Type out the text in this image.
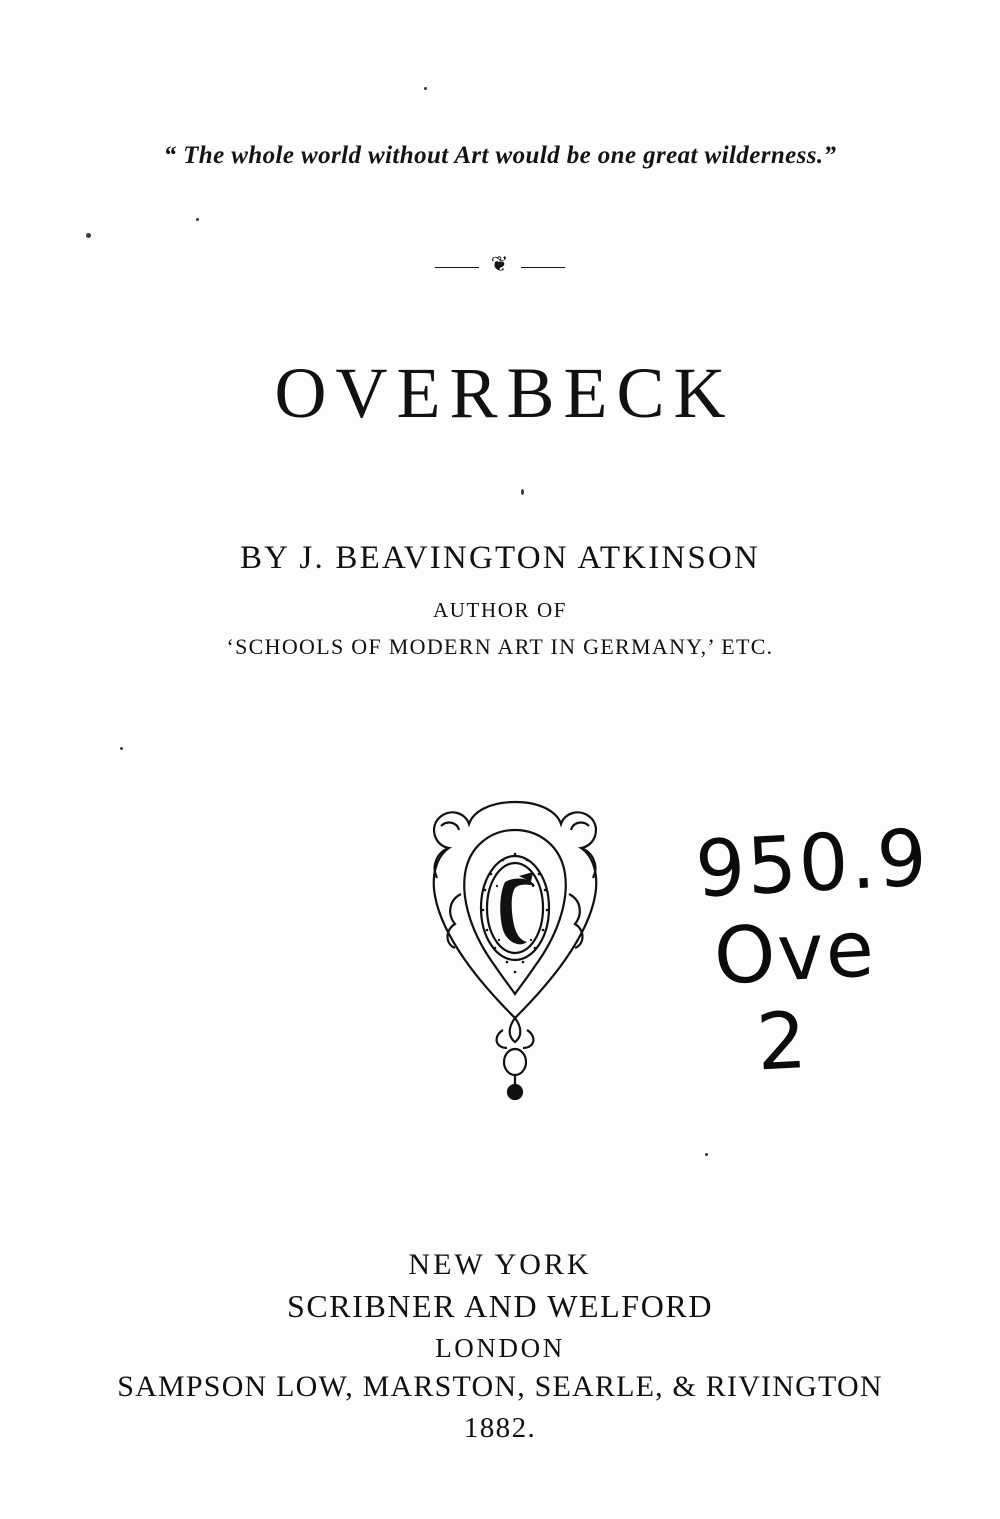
“ The whole world without Art would be one great wilderness.”
❦
OVERBECK
BY J. BEAVINGTON ATKINSON
AUTHOR OF
‘SCHOOLS OF MODERN ART IN GERMANY,’ ETC.
950.9
Ove
2
NEW YORK
SCRIBNER AND WELFORD
LONDON
SAMPSON LOW, MARSTON, SEARLE, & RIVINGTON
1882.
